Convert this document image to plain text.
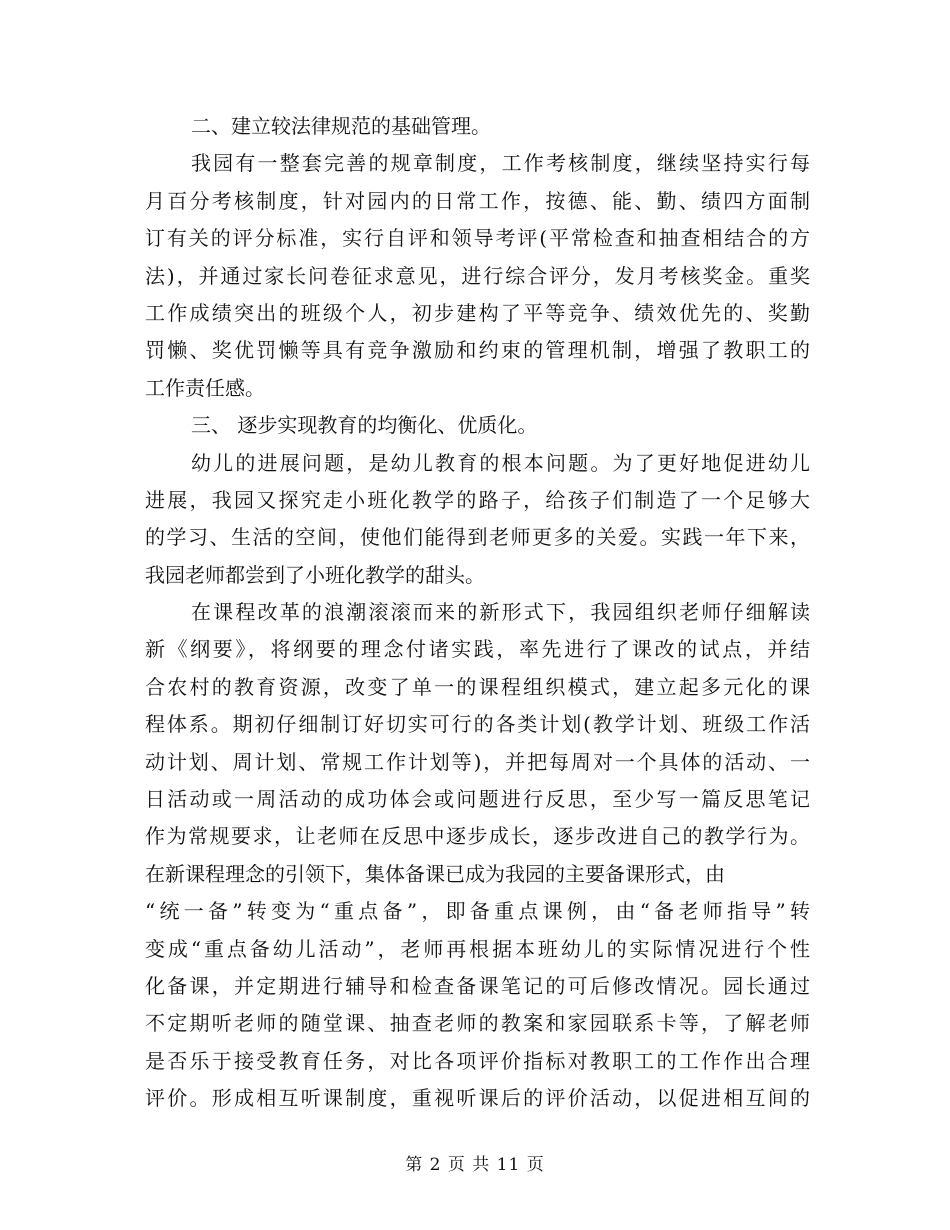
二、建立较法律规范的基础管理。
我园有一整套完善的规章制度，工作考核制度，继续坚持实行每
月百分考核制度，针对园内的日常工作，按德、能、勤、绩四方面制
订有关的评分标准，实行自评和领导考评(平常检查和抽查相结合的方
法)，并通过家长问卷征求意见，进行综合评分，发月考核奖金。重奖
工作成绩突出的班级个人，初步建构了平等竞争、绩效优先的、奖勤
罚懒、奖优罚懒等具有竞争激励和约束的管理机制，增强了教职工的
工作责任感。
三、 逐步实现教育的均衡化、优质化。
幼儿的进展问题，是幼儿教育的根本问题。为了更好地促进幼儿
进展，我园又探究走小班化教学的路子，给孩子们制造了一个足够大
的学习、生活的空间，使他们能得到老师更多的关爱。实践一年下来，
我园老师都尝到了小班化教学的甜头。
在课程改革的浪潮滚滚而来的新形式下，我园组织老师仔细解读
新《纲要》，将纲要的理念付诸实践，率先进行了课改的试点，并结
合农村的教育资源，改变了单一的课程组织模式，建立起多元化的课
程体系。期初仔细制订好切实可行的各类计划(教学计划、班级工作活
动计划、周计划、常规工作计划等)，并把每周对一个具体的活动、一
日活动或一周活动的成功体会或问题进行反思，至少写一篇反思笔记
作为常规要求，让老师在反思中逐步成长，逐步改进自己的教学行为。
在新课程理念的引领下，集体备课已成为我园的主要备课形式，由
“统一备”转变为“重点备”，即备重点课例，由“备老师指导”转
变成“重点备幼儿活动”，老师再根据本班幼儿的实际情况进行个性
化备课，并定期进行辅导和检查备课笔记的可后修改情况。园长通过
不定期听老师的随堂课、抽查老师的教案和家园联系卡等，了解老师
是否乐于接受教育任务，对比各项评价指标对教职工的工作作出合理
评价。形成相互听课制度，重视听课后的评价活动，以促进相互间的
第 2 页 共 11 页
